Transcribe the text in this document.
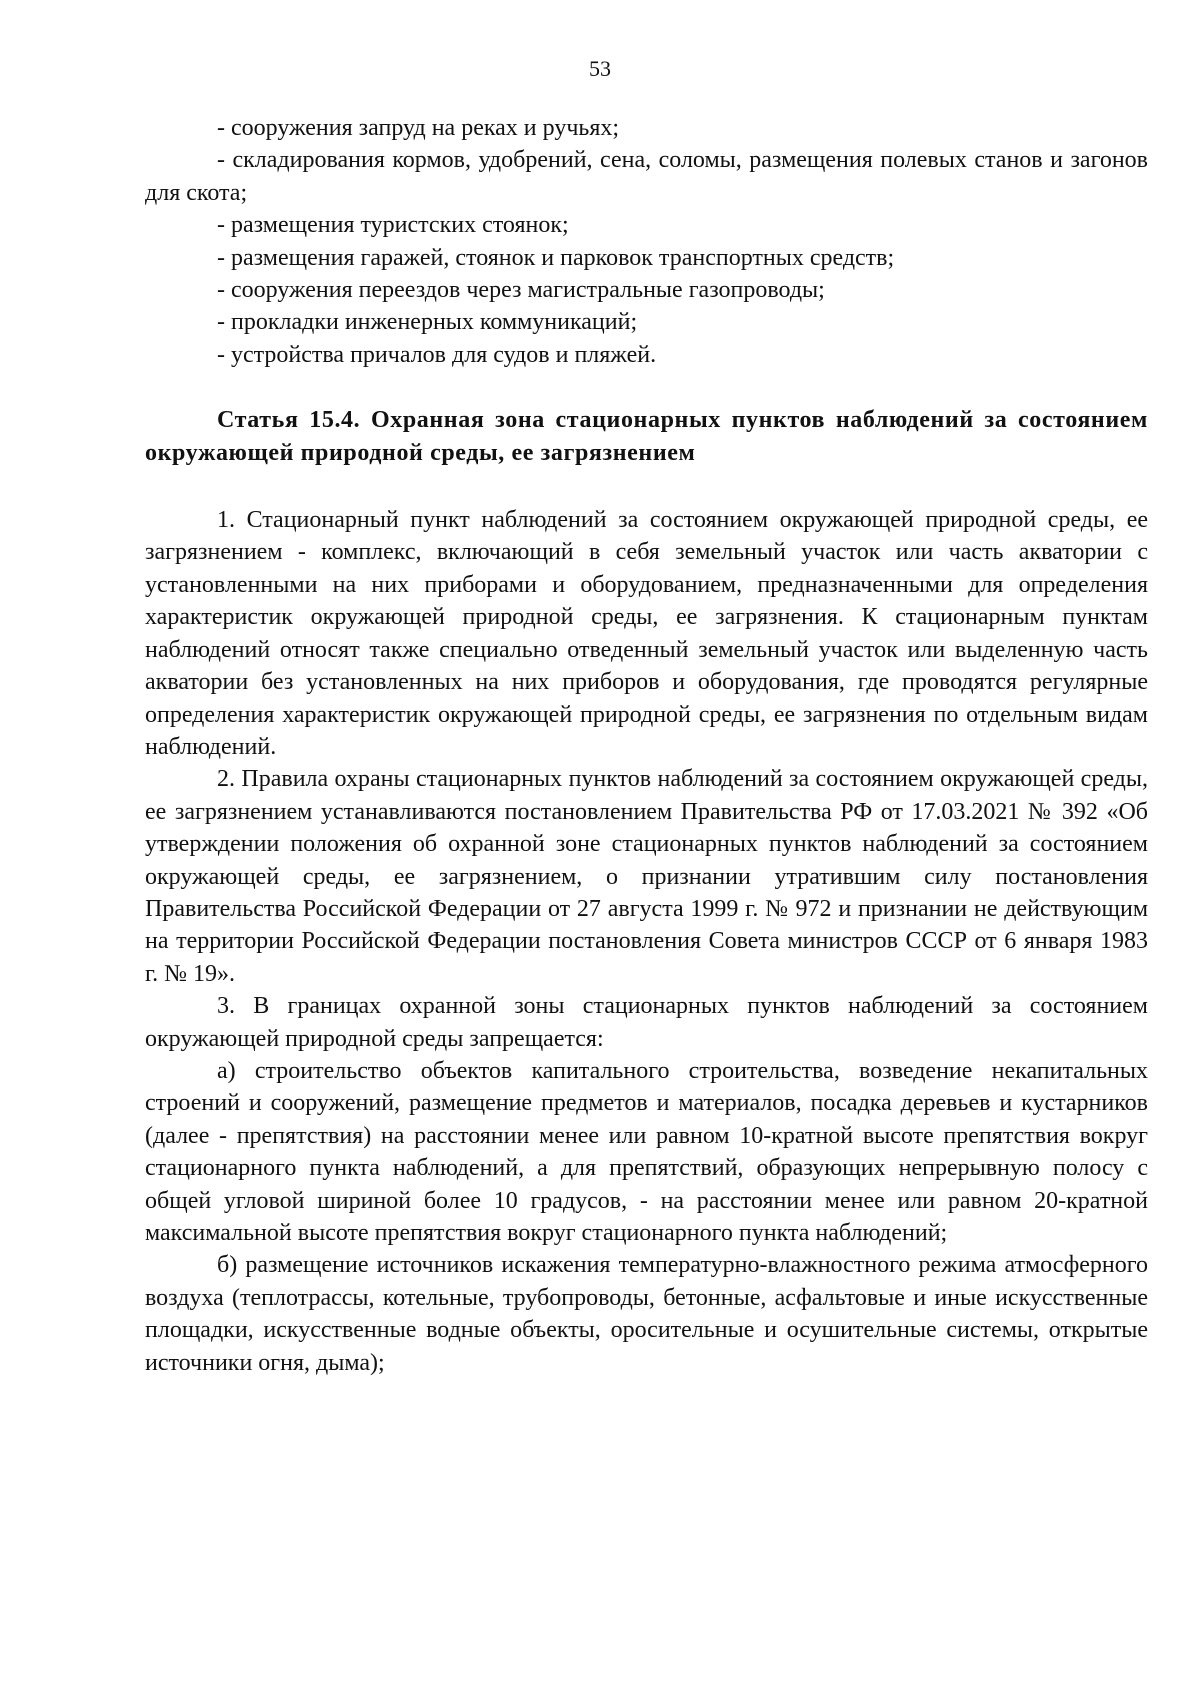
53

- сооружения запруд на реках и ручьях;

- складирования кормов, удобрений, сена, соломы, размещения полевых станов и загонов для скота;

- размещения туристских стоянок;

- размещения гаражей, стоянок и парковок транспортных средств;

- сооружения переездов через магистральные газопроводы;

- прокладки инженерных коммуникаций;

- устройства причалов для судов и пляжей.

Статья 15.4. Охранная зона стационарных пунктов наблюдений за состоянием окружающей природной среды, ее загрязнением

1. Стационарный пункт наблюдений за состоянием окружающей природной среды, ее загрязнением - комплекс, включающий в себя земельный участок или часть акватории с установленными на них приборами и оборудованием, предназначенными для определения характеристик окружающей природной среды, ее загрязнения. К стационарным пунктам наблюдений относят также специально отведенный земельный участок или выделенную часть акватории без установленных на них приборов и оборудования, где проводятся регулярные определения характеристик окружающей природной среды, ее загрязнения по отдельным видам наблюдений.

2. Правила охраны стационарных пунктов наблюдений за состоянием окружающей среды, ее загрязнением устанавливаются постановлением Правительства РФ от 17.03.2021 № 392 «Об утверждении положения об охранной зоне стационарных пунктов наблюдений за состоянием окружающей среды, ее загрязнением, о признании утратившим силу постановления Правительства Российской Федерации от 27 августа 1999 г. № 972 и признании не действующим на территории Российской Федерации постановления Совета министров СССР от 6 января 1983 г. № 19».

3. В границах охранной зоны стационарных пунктов наблюдений за состоянием окружающей природной среды запрещается:

а) строительство объектов капитального строительства, возведение некапитальных строений и сооружений, размещение предметов и материалов, посадка деревьев и кустарников (далее - препятствия) на расстоянии менее или равном 10-кратной высоте препятствия вокруг стационарного пункта наблюдений, а для препятствий, образующих непрерывную полосу с общей угловой шириной более 10 градусов, - на расстоянии менее или равном 20-кратной максимальной высоте препятствия вокруг стационарного пункта наблюдений;

б) размещение источников искажения температурно-влажностного режима атмосферного воздуха (теплотрассы, котельные, трубопроводы, бетонные, асфальтовые и иные искусственные площадки, искусственные водные объекты, оросительные и осушительные системы, открытые источники огня, дыма);
